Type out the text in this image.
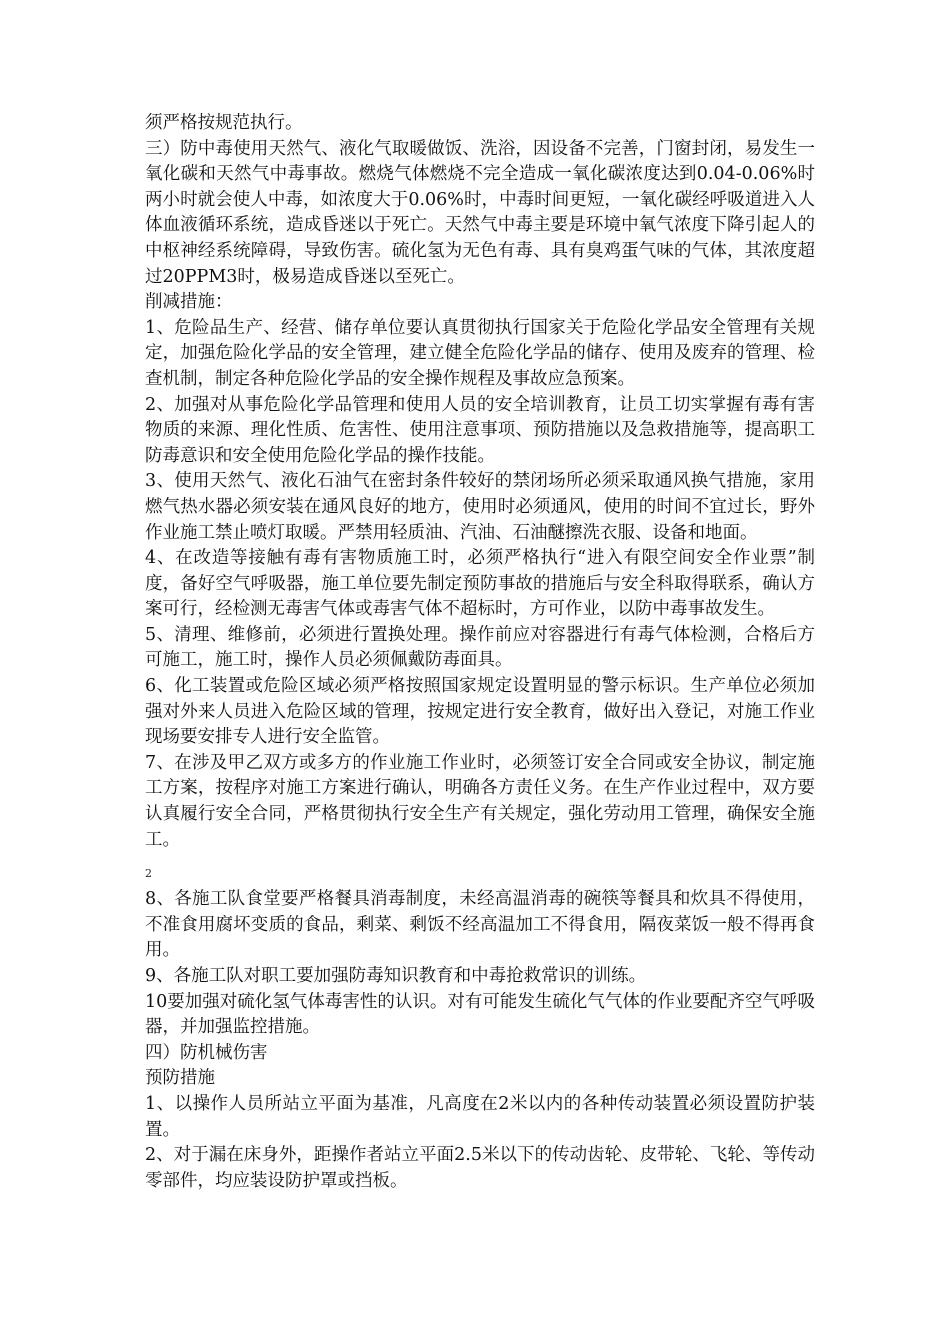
须严格按规范执行。

三）防中毒使用天然气、液化气取暖做饭、洗浴，因设备不完善，门窗封闭，易发生一氧化碳和天然气中毒事故。燃烧气体燃烧不完全造成一氧化碳浓度达到0.04-0.06%时两小时就会使人中毒，如浓度大于0.06%时，中毒时间更短，一氧化碳经呼吸道进入人体血液循环系统，造成昏迷以于死亡。天然气中毒主要是环境中氧气浓度下降引起人的中枢神经系统障碍，导致伤害。硫化氢为无色有毒、具有臭鸡蛋气味的气体，其浓度超过20PPM3时，极易造成昏迷以至死亡。

削减措施：

1、危险品生产、经营、储存单位要认真贯彻执行国家关于危险化学品安全管理有关规定，加强危险化学品的安全管理，建立健全危险化学品的储存、使用及废弃的管理、检查机制，制定各种危险化学品的安全操作规程及事故应急预案。

2、加强对从事危险化学品管理和使用人员的安全培训教育，让员工切实掌握有毒有害物质的来源、理化性质、危害性、使用注意事项、预防措施以及急救措施等，提高职工防毒意识和安全使用危险化学品的操作技能。

3、使用天然气、液化石油气在密封条件较好的禁闭场所必须采取通风换气措施，家用燃气热水器必须安装在通风良好的地方，使用时必须通风，使用的时间不宜过长，野外作业施工禁止喷灯取暖。严禁用轻质油、汽油、石油醚擦洗衣服、设备和地面。

4、在改造等接触有毒有害物质施工时，必须严格执行“进入有限空间安全作业票”制度，备好空气呼吸器，施工单位要先制定预防事故的措施后与安全科取得联系，确认方案可行，经检测无毒害气体或毒害气体不超标时，方可作业，以防中毒事故发生。

5、清理、维修前，必须进行置换处理。操作前应对容器进行有毒气体检测，合格后方可施工，施工时，操作人员必须佩戴防毒面具。

6、化工装置或危险区域必须严格按照国家规定设置明显的警示标识。生产单位必须加强对外来人员进入危险区域的管理，按规定进行安全教育，做好出入登记，对施工作业现场要安排专人进行安全监管。

7、在涉及甲乙双方或多方的作业施工作业时，必须签订安全合同或安全协议，制定施工方案，按程序对施工方案进行确认，明确各方责任义务。在生产作业过程中，双方要认真履行安全合同，严格贯彻执行安全生产有关规定，强化劳动用工管理，确保安全施工。

2

8、各施工队食堂要严格餐具消毒制度，未经高温消毒的碗筷等餐具和炊具不得使用，不准食用腐坏变质的食品，剩菜、剩饭不经高温加工不得食用，隔夜菜饭一般不得再食用。

9、各施工队对职工要加强防毒知识教育和中毒抢救常识的训练。

10要加强对硫化氢气体毒害性的认识。对有可能发生硫化气气体的作业要配齐空气呼吸器，并加强监控措施。

四）防机械伤害

预防措施

1、以操作人员所站立平面为基准，凡高度在2米以内的各种传动装置必须设置防护装置。

2、对于漏在床身外，距操作者站立平面2.5米以下的传动齿轮、皮带轮、飞轮、等传动零部件，均应装设防护罩或挡板。
